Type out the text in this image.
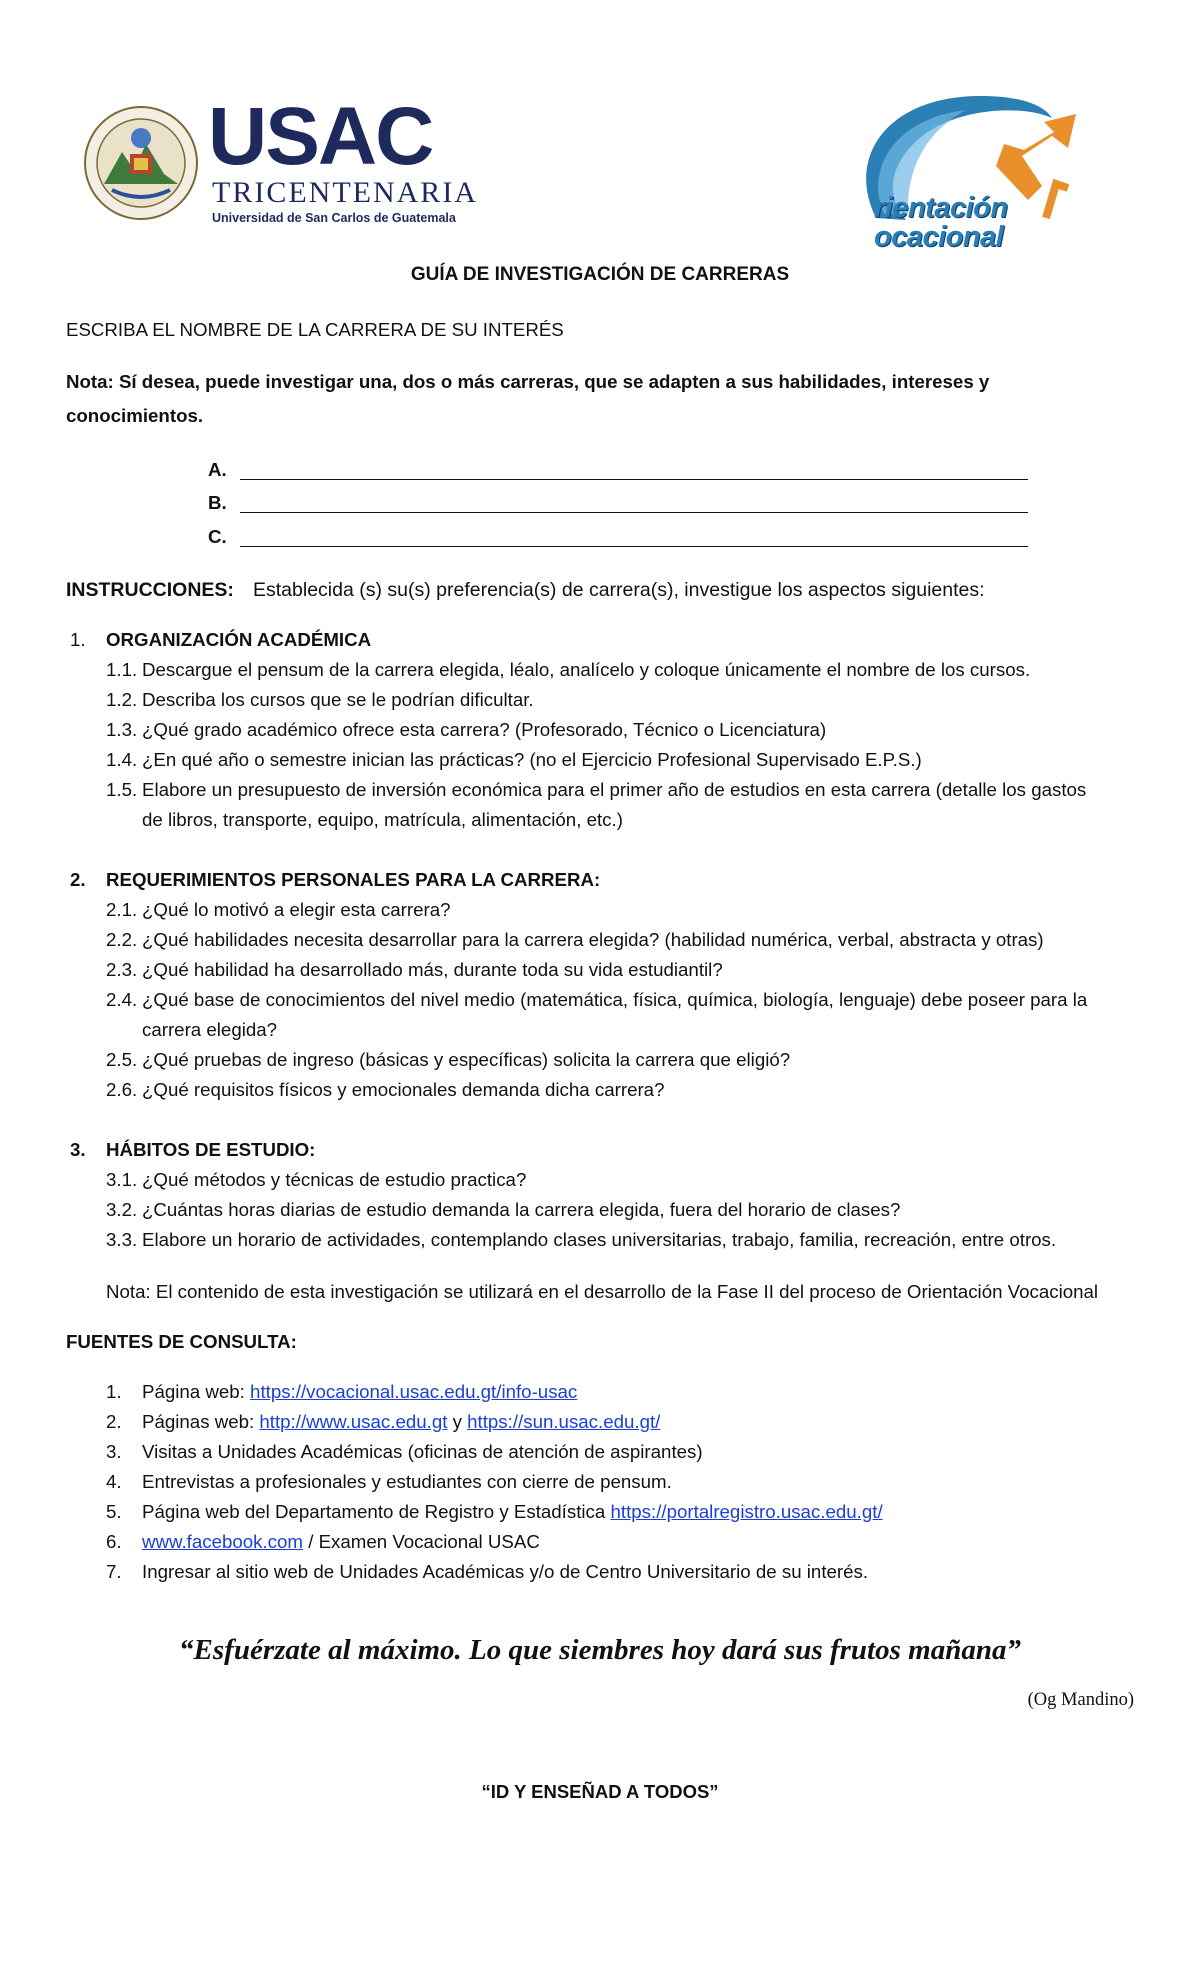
USAC
TRICENTENARIA
Universidad de San Carlos de Guatemala	rientación ocacional
GUÍA DE INVESTIGACIÓN DE CARRERAS
ESCRIBA EL NOMBRE DE LA CARRERA DE SU INTERÉS
Nota: Sí desea, puede investigar una, dos o más carreras, que se adapten a sus habilidades, intereses y
conocimientos.
A.
B.
C.
INSTRUCCIONES: Establecida (s) su(s) preferencia(s) de carrera(s), investigue los aspectos siguientes:
1. ORGANIZACIÓN ACADÉMICA
1.1. Descargue el pensum de la carrera elegida, léalo, analícelo y coloque únicamente el nombre de los cursos.
1.2. Describa los cursos que se le podrían dificultar.
1.3. ¿Qué grado académico ofrece esta carrera? (Profesorado, Técnico o Licenciatura)
1.4. ¿En qué año o semestre inician las prácticas? (no el Ejercicio Profesional Supervisado E.P.S.)
1.5. Elabore un presupuesto de inversión económica para el primer año de estudios en esta carrera (detalle los gastos
de libros, transporte, equipo, matrícula, alimentación, etc.)
2. REQUERIMIENTOS PERSONALES PARA LA CARRERA:
2.1. ¿Qué lo motivó a elegir esta carrera?
2.2. ¿Qué habilidades necesita desarrollar para la carrera elegida? (habilidad numérica, verbal, abstracta y otras)
2.3. ¿Qué habilidad ha desarrollado más, durante toda su vida estudiantil?
2.4. ¿Qué base de conocimientos del nivel medio (matemática, física, química, biología, lenguaje) debe poseer para la
carrera elegida?
2.5. ¿Qué pruebas de ingreso (básicas y específicas) solicita la carrera que eligió?
2.6. ¿Qué requisitos físicos y emocionales demanda dicha carrera?
3. HÁBITOS DE ESTUDIO:
3.1. ¿Qué métodos y técnicas de estudio practica?
3.2. ¿Cuántas horas diarias de estudio demanda la carrera elegida, fuera del horario de clases?
3.3. Elabore un horario de actividades, contemplando clases universitarias, trabajo, familia, recreación, entre otros.
Nota: El contenido de esta investigación se utilizará en el desarrollo de la Fase II del proceso de Orientación Vocacional
FUENTES DE CONSULTA:
1. Página web: https://vocacional.usac.edu.gt/info-usac
2. Páginas web: http://www.usac.edu.gt y https://sun.usac.edu.gt/
3. Visitas a Unidades Académicas (oficinas de atención de aspirantes)
4. Entrevistas a profesionales y estudiantes con cierre de pensum.
5. Página web del Departamento de Registro y Estadística https://portalregistro.usac.edu.gt/
6. www.facebook.com / Examen Vocacional USAC
7. Ingresar al sitio web de Unidades Académicas y/o de Centro Universitario de su interés.
“Esfuérzate al máximo. Lo que siembres hoy dará sus frutos mañana”
(Og Mandino)
“ID Y ENSEÑAD A TODOS”
